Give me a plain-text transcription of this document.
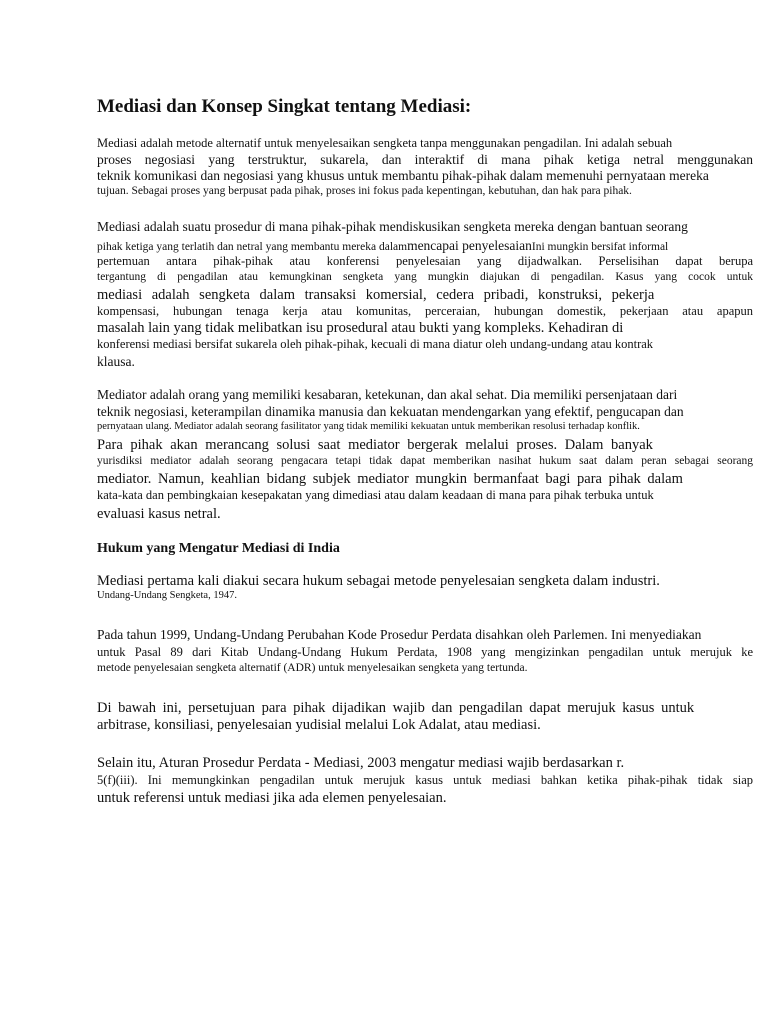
Mediasi dan Konsep Singkat tentang Mediasi:
Mediasi adalah metode alternatif untuk menyelesaikan sengketa tanpa menggunakan pengadilan. Ini adalah sebuah
proses negosiasi yang terstruktur, sukarela, dan interaktif di mana pihak ketiga netral menggunakan
teknik komunikasi dan negosiasi yang khusus untuk membantu pihak-pihak dalam memenuhi pernyataan mereka
tujuan. Sebagai proses yang berpusat pada pihak, proses ini fokus pada kepentingan, kebutuhan, dan hak para pihak.
Mediasi adalah suatu prosedur di mana pihak-pihak mendiskusikan sengketa mereka dengan bantuan seorang
pihak ketiga yang terlatih dan netral yang membantu mereka dalammencapai penyelesaianIni mungkin bersifat informal
pertemuan antara pihak-pihak atau konferensi penyelesaian yang dijadwalkan. Perselisihan dapat berupa
tergantung di pengadilan atau kemungkinan sengketa yang mungkin diajukan di pengadilan. Kasus yang cocok untuk
mediasi adalah sengketa dalam transaksi komersial, cedera pribadi, konstruksi, pekerja
kompensasi, hubungan tenaga kerja atau komunitas, perceraian, hubungan domestik, pekerjaan atau apapun
masalah lain yang tidak melibatkan isu prosedural atau bukti yang kompleks. Kehadiran di
konferensi mediasi bersifat sukarela oleh pihak-pihak, kecuali di mana diatur oleh undang-undang atau kontrak
klausa.
Mediator adalah orang yang memiliki kesabaran, ketekunan, dan akal sehat. Dia memiliki persenjataan dari
teknik negosiasi, keterampilan dinamika manusia dan kekuatan mendengarkan yang efektif, pengucapan dan
pernyataan ulang. Mediator adalah seorang fasilitator yang tidak memiliki kekuatan untuk memberikan resolusi terhadap konflik.
Para pihak akan merancang solusi saat mediator bergerak melalui proses. Dalam banyak
yurisdiksi mediator adalah seorang pengacara tetapi tidak dapat memberikan nasihat hukum saat dalam peran sebagai seorang
mediator. Namun, keahlian bidang subjek mediator mungkin bermanfaat bagi para pihak dalam
kata-kata dan pembingkaian kesepakatan yang dimediasi atau dalam keadaan di mana para pihak terbuka untuk
evaluasi kasus netral.
Hukum yang Mengatur Mediasi di India
Mediasi pertama kali diakui secara hukum sebagai metode penyelesaian sengketa dalam industri.
Undang-Undang Sengketa, 1947.
Pada tahun 1999, Undang-Undang Perubahan Kode Prosedur Perdata disahkan oleh Parlemen. Ini menyediakan
untuk Pasal 89 dari Kitab Undang-Undang Hukum Perdata, 1908 yang mengizinkan pengadilan untuk merujuk ke
metode penyelesaian sengketa alternatif (ADR) untuk menyelesaikan sengketa yang tertunda.
Di bawah ini, persetujuan para pihak dijadikan wajib dan pengadilan dapat merujuk kasus untuk
arbitrase, konsiliasi, penyelesaian yudisial melalui Lok Adalat, atau mediasi.
Selain itu, Aturan Prosedur Perdata - Mediasi, 2003 mengatur mediasi wajib berdasarkan r.
5(f)(iii). Ini memungkinkan pengadilan untuk merujuk kasus untuk mediasi bahkan ketika pihak-pihak tidak siap
untuk referensi untuk mediasi jika ada elemen penyelesaian.
